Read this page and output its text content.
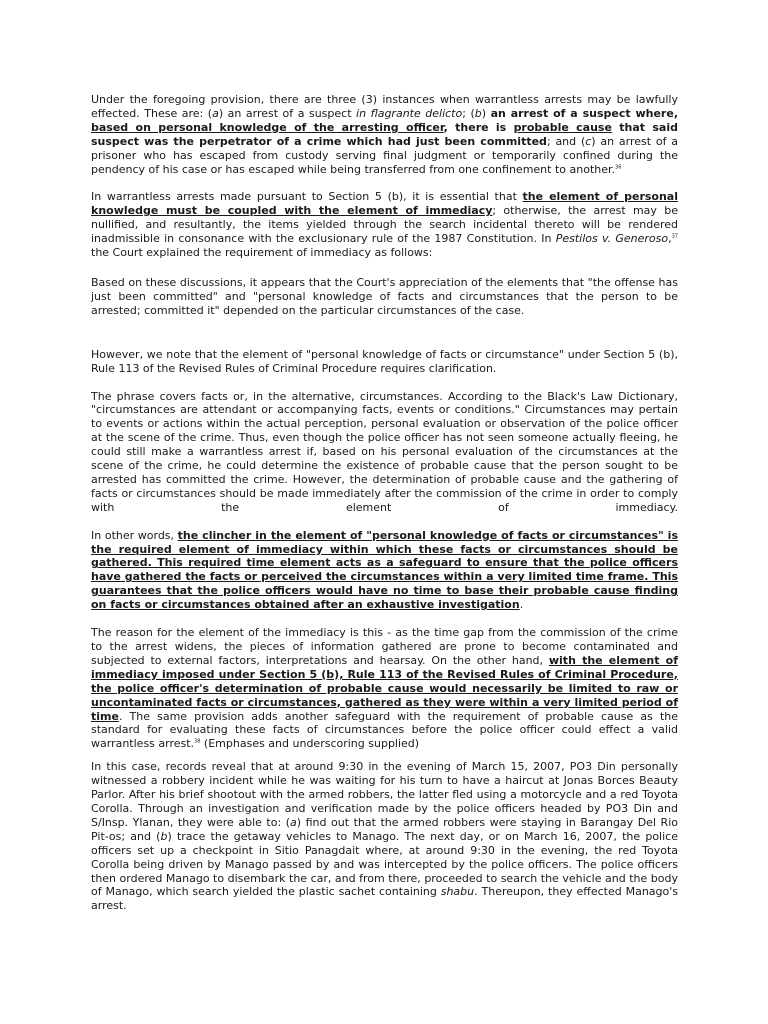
Under the foregoing provision, there are three (3) instances when warrantless arrests may be lawfully effected. These are: (a) an arrest of a suspect in flagrante delicto; (b) an arrest of a suspect where, based on personal knowledge of the arresting officer, there is probable cause that said suspect was the perpetrator of a crime which had just been committed; and (c) an arrest of a prisoner who has escaped from custody serving final judgment or temporarily confined during the pendency of his case or has escaped while being transferred from one confinement to another.$^{36}$

In warrantless arrests made pursuant to Section 5 (b), it is essential that the element of personal knowledge must be coupled with the element of immediacy; otherwise, the arrest may be nullified, and resultantly, the items yielded through the search incidental thereto will be rendered inadmissible in consonance with the exclusionary rule of the 1987 Constitution. In Pestilos v. Generoso,$^{37}$ the Court explained the requirement of immediacy as follows:

Based on these discussions, it appears that the Court's appreciation of the elements that "the offense has just been committed" and "personal knowledge of facts and circumstances that the person to be arrested; committed it" depended on the particular circumstances of the case.

However, we note that the element of "personal knowledge of facts or circumstance" under Section 5 (b), Rule 113 of the Revised Rules of Criminal Procedure requires clarification.

The phrase covers facts or, in the alternative, circumstances. According to the Black's Law Dictionary, "circumstances are attendant or accompanying facts, events or conditions." Circumstances may pertain to events or actions within the actual perception, personal evaluation or observation of the police officer at the scene of the crime. Thus, even though the police officer has not seen someone actually fleeing, he could still make a warrantless arrest if, based on his personal evaluation of the circumstances at the scene of the crime, he could determine the existence of probable cause that the person sought to be arrested has committed the crime. However, the determination of probable cause and the gathering of facts or circumstances should be made immediately after the commission of the crime in order to comply with the element of immediacy.

In other words, the clincher in the element of "personal knowledge of facts or circumstances" is the required element of immediacy within which these facts or circumstances should be gathered. This required time element acts as a safeguard to ensure that the police officers have gathered the facts or perceived the circumstances within a very limited time frame. This guarantees that the police officers would have no time to base their probable cause finding on facts or circumstances obtained after an exhaustive investigation.

The reason for the element of the immediacy is this - as the time gap from the commission of the crime to the arrest widens, the pieces of information gathered are prone to become contaminated and subjected to external factors, interpretations and hearsay. On the other hand, with the element of immediacy imposed under Section 5 (b), Rule 113 of the Revised Rules of Criminal Procedure, the police officer's determination of probable cause would necessarily be limited to raw or uncontaminated facts or circumstances, gathered as they were within a very limited period of time. The same provision adds another safeguard with the requirement of probable cause as the standard for evaluating these facts of circumstances before the police officer could effect a valid warrantless arrest.$^{38}$ (Emphases and underscoring supplied)

In this case, records reveal that at around 9:30 in the evening of March 15, 2007, PO3 Din personally witnessed a robbery incident while he was waiting for his turn to have a haircut at Jonas Borces Beauty Parlor. After his brief shootout with the armed robbers, the latter fled using a motorcycle and a red Toyota Corolla. Through an investigation and verification made by the police officers headed by PO3 Din and S/Insp. Ylanan, they were able to: (a) find out that the armed robbers were staying in Barangay Del Rio Pit-os; and (b) trace the getaway vehicles to Manago. The next day, or on March 16, 2007, the police officers set up a checkpoint in Sitio Panagdait where, at around 9:30 in the evening, the red Toyota Corolla being driven by Manago passed by and was intercepted by the police officers. The police officers then ordered Manago to disembark the car, and from there, proceeded to search the vehicle and the body of Manago, which search yielded the plastic sachet containing shabu. Thereupon, they effected Manago's arrest.
